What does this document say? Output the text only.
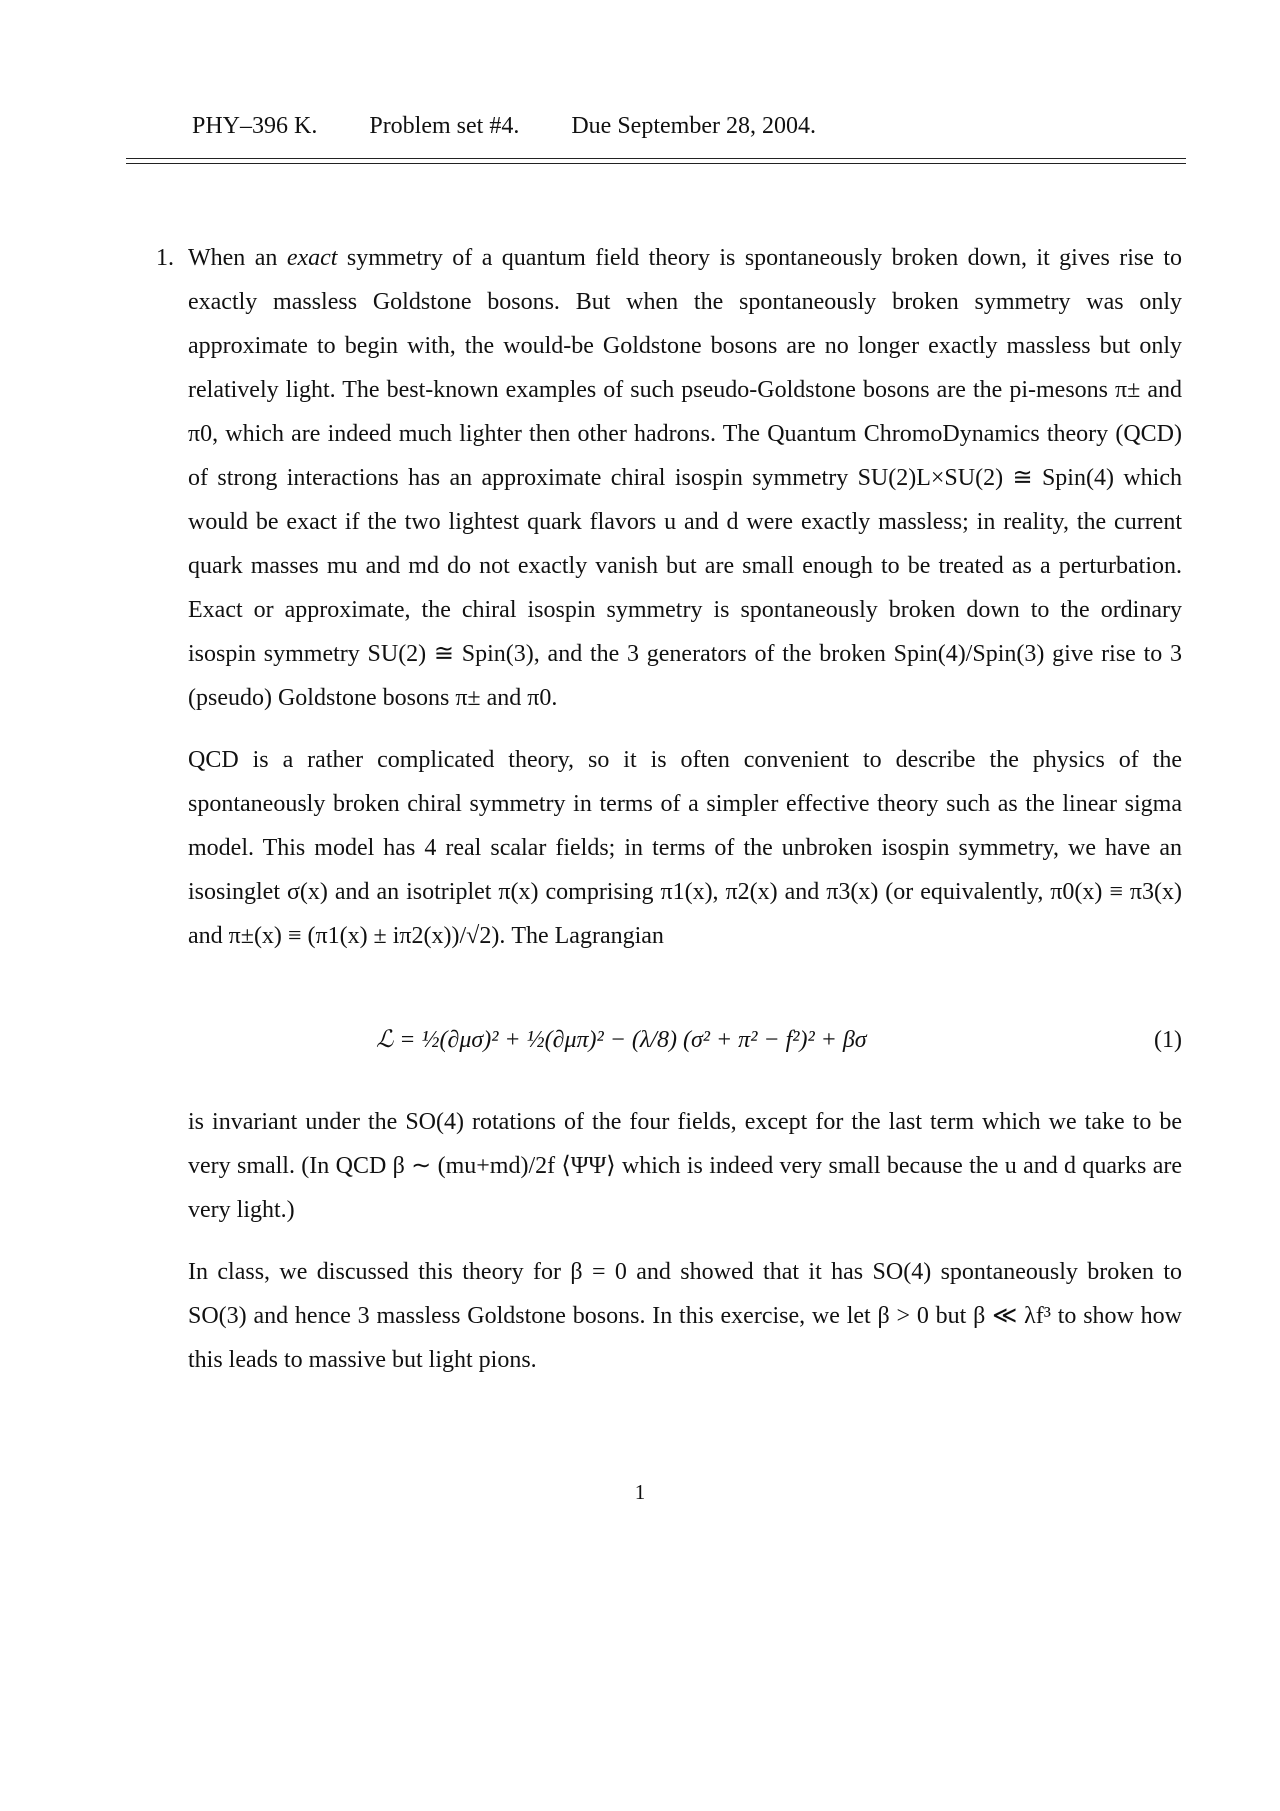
PHY–396 K. Problem set #4. Due September 28, 2004.
1. When an exact symmetry of a quantum field theory is spontaneously broken down, it gives rise to exactly massless Goldstone bosons. But when the spontaneously broken symmetry was only approximate to begin with, the would-be Goldstone bosons are no longer exactly massless but only relatively light. The best-known examples of such pseudo-Goldstone bosons are the pi-mesons π± and π0, which are indeed much lighter then other hadrons. The Quantum ChromoDynamics theory (QCD) of strong interactions has an approximate chiral isospin symmetry SU(2)L×SU(2) ≅ Spin(4) which would be exact if the two lightest quark flavors u and d were exactly massless; in reality, the current quark masses mu and md do not exactly vanish but are small enough to be treated as a perturbation. Exact or approximate, the chiral isospin symmetry is spontaneously broken down to the ordinary isospin symmetry SU(2) ≅ Spin(3), and the 3 generators of the broken Spin(4)/Spin(3) give rise to 3 (pseudo) Goldstone bosons π± and π0.

QCD is a rather complicated theory, so it is often convenient to describe the physics of the spontaneously broken chiral symmetry in terms of a simpler effective theory such as the linear sigma model. This model has 4 real scalar fields; in terms of the unbroken isospin symmetry, we have an isosinglet σ(x) and an isotriplet π(x) comprising π1(x), π2(x) and π3(x) (or equivalently, π0(x) ≡ π3(x) and π±(x) ≡ (π1(x) ± iπ2(x))/√2). The Lagrangian

ℒ = ½(∂μσ)² + ½(∂μπ)² − (λ/8) (σ² + π² − f²)² + βσ	(1)

is invariant under the SO(4) rotations of the four fields, except for the last term which we take to be very small. (In QCD β ∼ (mu+md)/2f ⟨ΨΨ⟩ which is indeed very small because the u and d quarks are very light.)

In class, we discussed this theory for β = 0 and showed that it has SO(4) spontaneously broken to SO(3) and hence 3 massless Goldstone bosons. In this exercise, we let β > 0 but β ≪ λf³ to show how this leads to massive but light pions.

1
